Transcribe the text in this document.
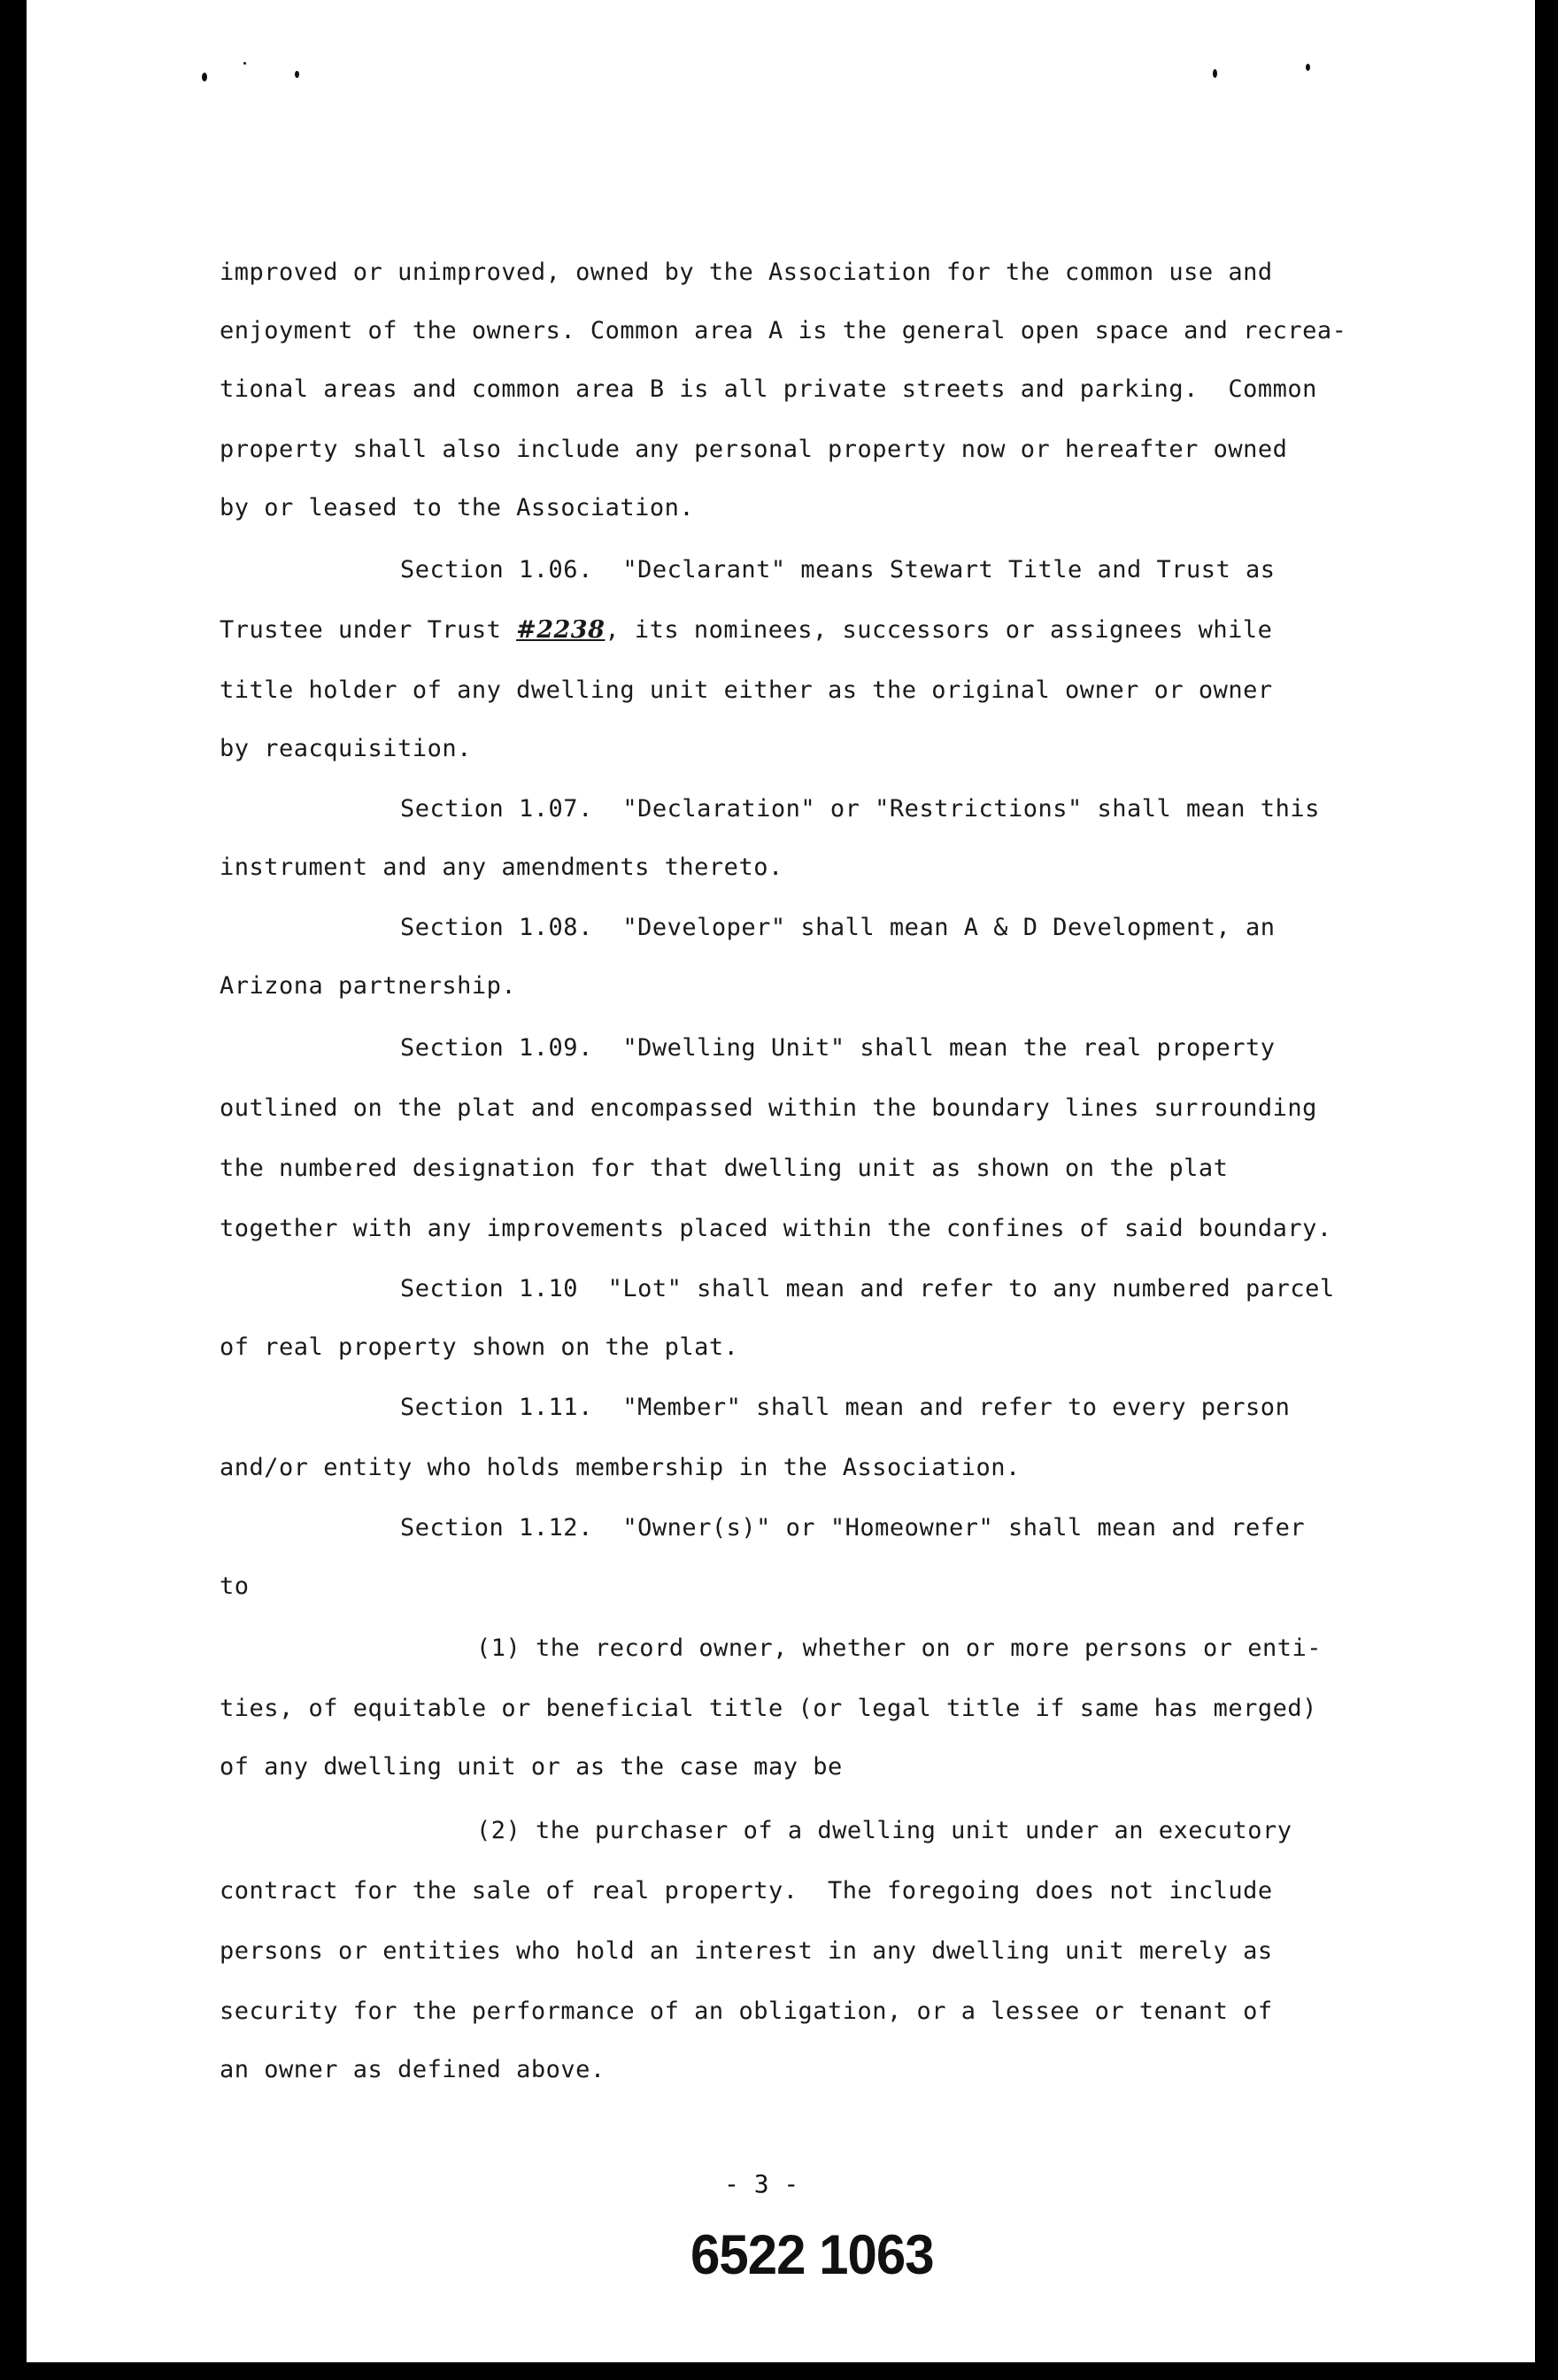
improved or unimproved, owned by the Association for the common use and
enjoyment of the owners. Common area A is the general open space and recrea-
tional areas and common area B is all private streets and parking.  Common
property shall also include any personal property now or hereafter owned
by or leased to the Association.
Section 1.06.  "Declarant" means Stewart Title and Trust as
Trustee under Trust #2238, its nominees, successors or assignees while
title holder of any dwelling unit either as the original owner or owner
by reacquisition.
Section 1.07.  "Declaration" or "Restrictions" shall mean this
instrument and any amendments thereto.
Section 1.08.  "Developer" shall mean A & D Development, an
Arizona partnership.
Section 1.09.  "Dwelling Unit" shall mean the real property
outlined on the plat and encompassed within the boundary lines surrounding
the numbered designation for that dwelling unit as shown on the plat
together with any improvements placed within the confines of said boundary.
Section 1.10  "Lot" shall mean and refer to any numbered parcel
of real property shown on the plat.
Section 1.11.  "Member" shall mean and refer to every person
and/or entity who holds membership in the Association.
Section 1.12.  "Owner(s)" or "Homeowner" shall mean and refer
to
(1) the record owner, whether on or more persons or enti-
ties, of equitable or beneficial title (or legal title if same has merged)
of any dwelling unit or as the case may be
(2) the purchaser of a dwelling unit under an executory
contract for the sale of real property.  The foregoing does not include
persons or entities who hold an interest in any dwelling unit merely as
security for the performance of an obligation, or a lessee or tenant of
an owner as defined above.
- 3 -
6522 1063
